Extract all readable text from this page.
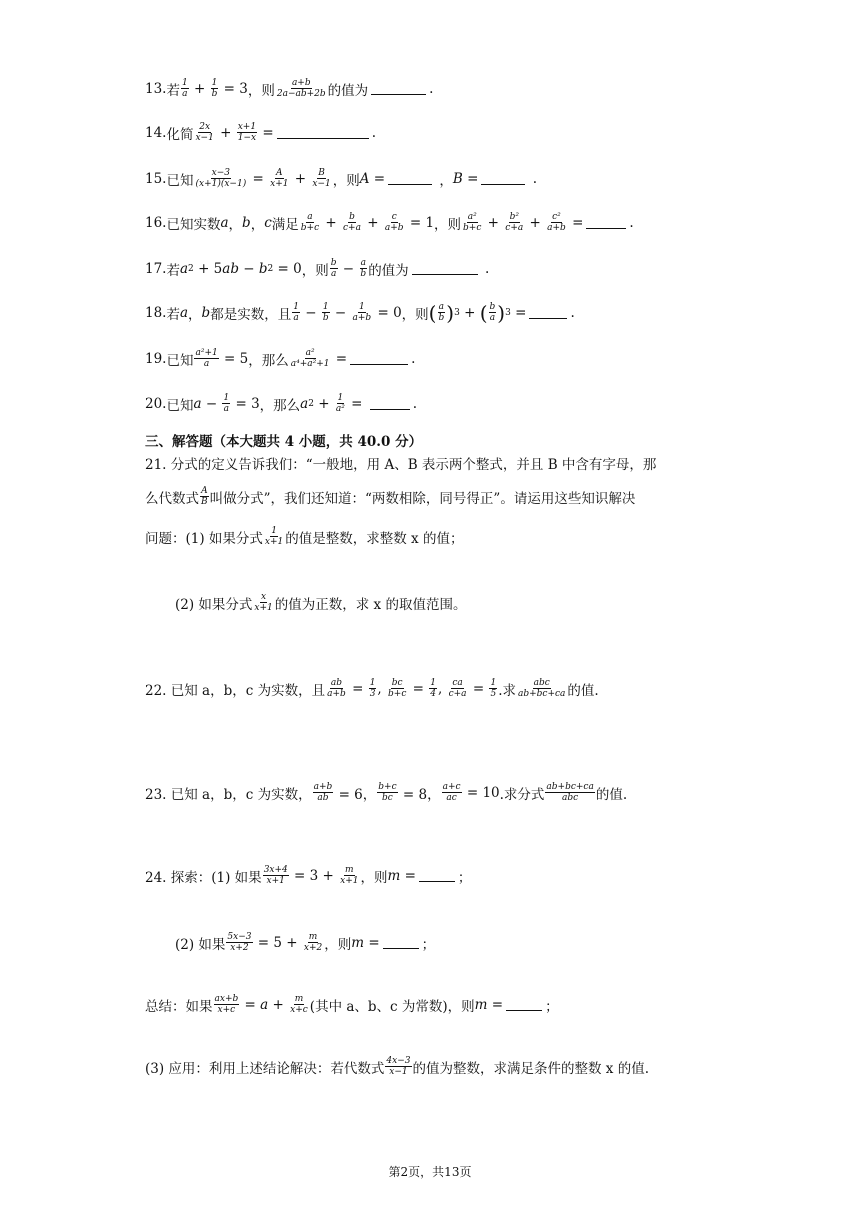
13. 若 $\frac{1}{a} + \frac{1}{b} = 3$ ，则 $\frac{a+b}{2a-ab+2b}$ 的值为	.
14. 化简 $\frac{2x}{x-1} + \frac{x+1}{1-x}$ =	.
15. 已知 $\frac{x-3}{(x+1)(x-1)} = \frac{A}{x+1} + \frac{B}{x-1}$ ，则 A =	， B =
	.
16. 已知实数 a ， b ， c 满足 $\frac{a}{b+c} + \frac{b}{c+a} + \frac{c}{a+b} = 1$ ，则 $\frac{\text{a²}}{b+c} + \frac{\text{b²}}{c+a} + \frac{\text{c²}}{a+b}$ =	.
17. 若 a 2 + 5 ab − b 2 = 0 ，则 $\frac{b}{a} - \frac{a}{b}$ 的值为
	.
18. 若 a ， b 都是实数，且 $\frac{1}{a} - \frac{1}{b} - \frac{1}{a+b} = 0$ ，则 ( $\frac{a}{b}$ ) 3 + ( $\frac{b}{a}$ ) 3 =	.
19. 已知 $\frac{\text{a²+1}}{a} = 5$ ，那么 $\frac{\text{a²}}{\text{a⁴+a²+1}}$ =	.
20. 已知 $a - \frac{1}{a} = 3$ ，那么 a $2 + \frac{1}{\text{a²}}$ =	.
三、解答题（本大题共 4 小题，共 40.0 分）
21. 分式的定义告诉我们：“一般地，用 A、B 表示两个整式，并且 B 中含有字母，那
么代数式 $\frac{A}{B}$ 叫做分式”，我们还知道：“两数相除，同号得正”。请运用这些知识解决
问题：(1) 如果分式 $\frac{1}{x+1}$ 的值是整数，求整数 x 的值；
(2) 如果分式 $\frac{x}{x+1}$ 的值为正数，求 x 的取值范围。
22. 已知 a，b，c 为实数，且 $\frac{ab}{a+b} = \frac{1}{3}$ , $\frac{bc}{b+c} = \frac{1}{4}$ , $\frac{ca}{c+a} = \frac{1}{5}$ .求 $\frac{\text{abc}}{ab+bc+ca}$ 的值.
23. 已知 a，b，c 为实数， $\frac{a+b}{ab} = 6$， $\frac{b+c}{bc} = 8$， $\frac{a+c}{ac} = 10$ .求分式 $\frac{ab+bc+ca}{\text{abc}}$ 的值.
24. 探索：(1) 如果 $\frac{3x+4}{x+1} = 3 + \frac{m}{x+1}$ ，则 m =	；
(2) 如果 $\frac{5x-3}{x+2} = 5 + \frac{m}{x+2}$ ，则 m =	；
总结：如果 $\frac{ax+b}{x+c} = a + \frac{m}{x+c}$ (其中 a、b、c 为常数)，则 m =	；
(3) 应用：利用上述结论解决：若代数式 $\frac{4x-3}{x-1}$ 的值为整数，求满足条件的整数 x 的值.
第2页，共13页
